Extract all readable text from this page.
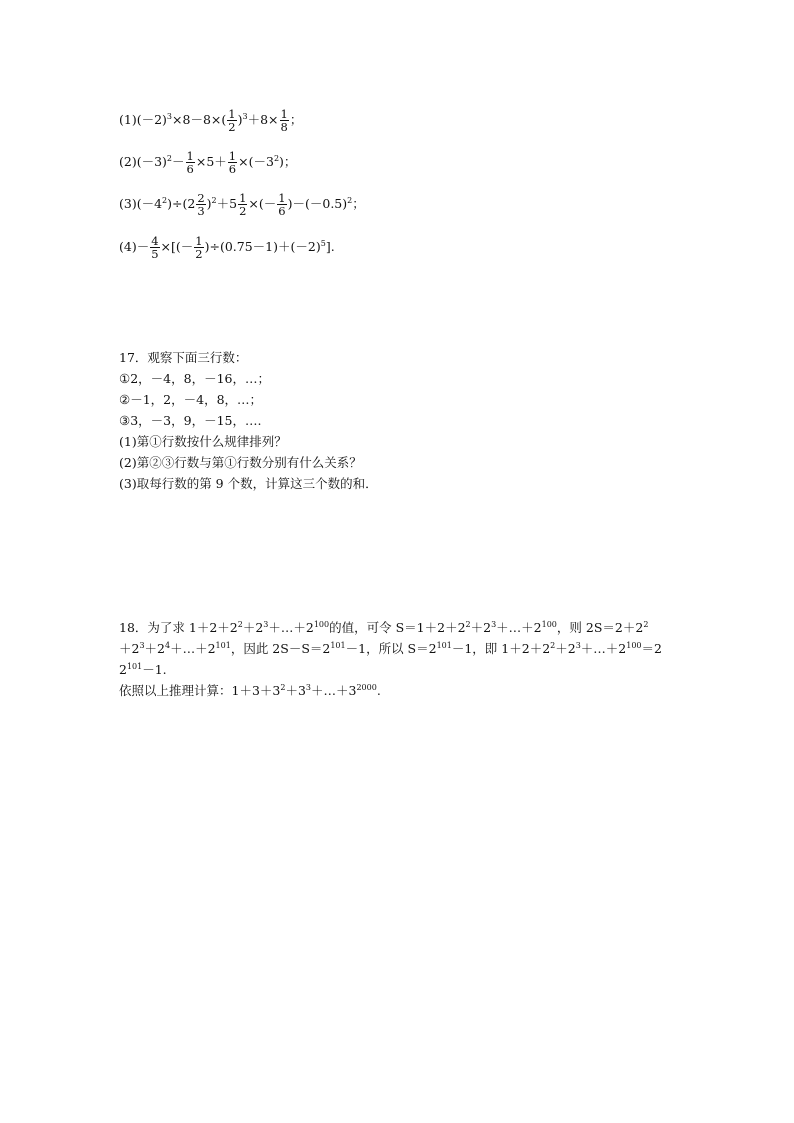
$(1)(-2)^3\times 8-8\times( \frac{1}{2} )^3+8\times \frac{1}{8}$ ；
$(2)(-3)^2- \frac{1}{6} \times 5+ \frac{1}{6} \times(-3^2)$；
$(3)(-4^2)\div(2 \frac{2}{3} )^2+5 \frac{1}{2}$ ×(－ $\frac{1}{6} )-(-0.5)^2$；
$(4)- \frac{4}{5}$ ×[(－ $\frac{1}{2} )\div(0.75-1)+(-2)^5$].
17．观察下面三行数：
①2，－4，8，－16，…；
②－1，2，－4，8，…；
③3，－3，9，－15，….
(1)第①行数按什么规律排列？
(2)第②③行数与第①行数分别有什么关系？
(3)取每行数的第 9 个数，计算这三个数的和．
18．为了求 $1+2+2^2+2^3+\dots+2^{100}$的值，可令 $S=1+2+2^2+2^3+\dots+2^{100}$，则 $2S=2+2^2$
$+2^3+2^4+\dots+2^{101}$，因此 $2S-S=2^{101}-1$，所以 $S=2^{101}-1$，即 $1+2+2^2+2^3+\dots+2^{100}=2$
$2^{101}-1$.
依照以上推理计算：$1+3+3^2+3^3+\dots+3^{2000}$.
